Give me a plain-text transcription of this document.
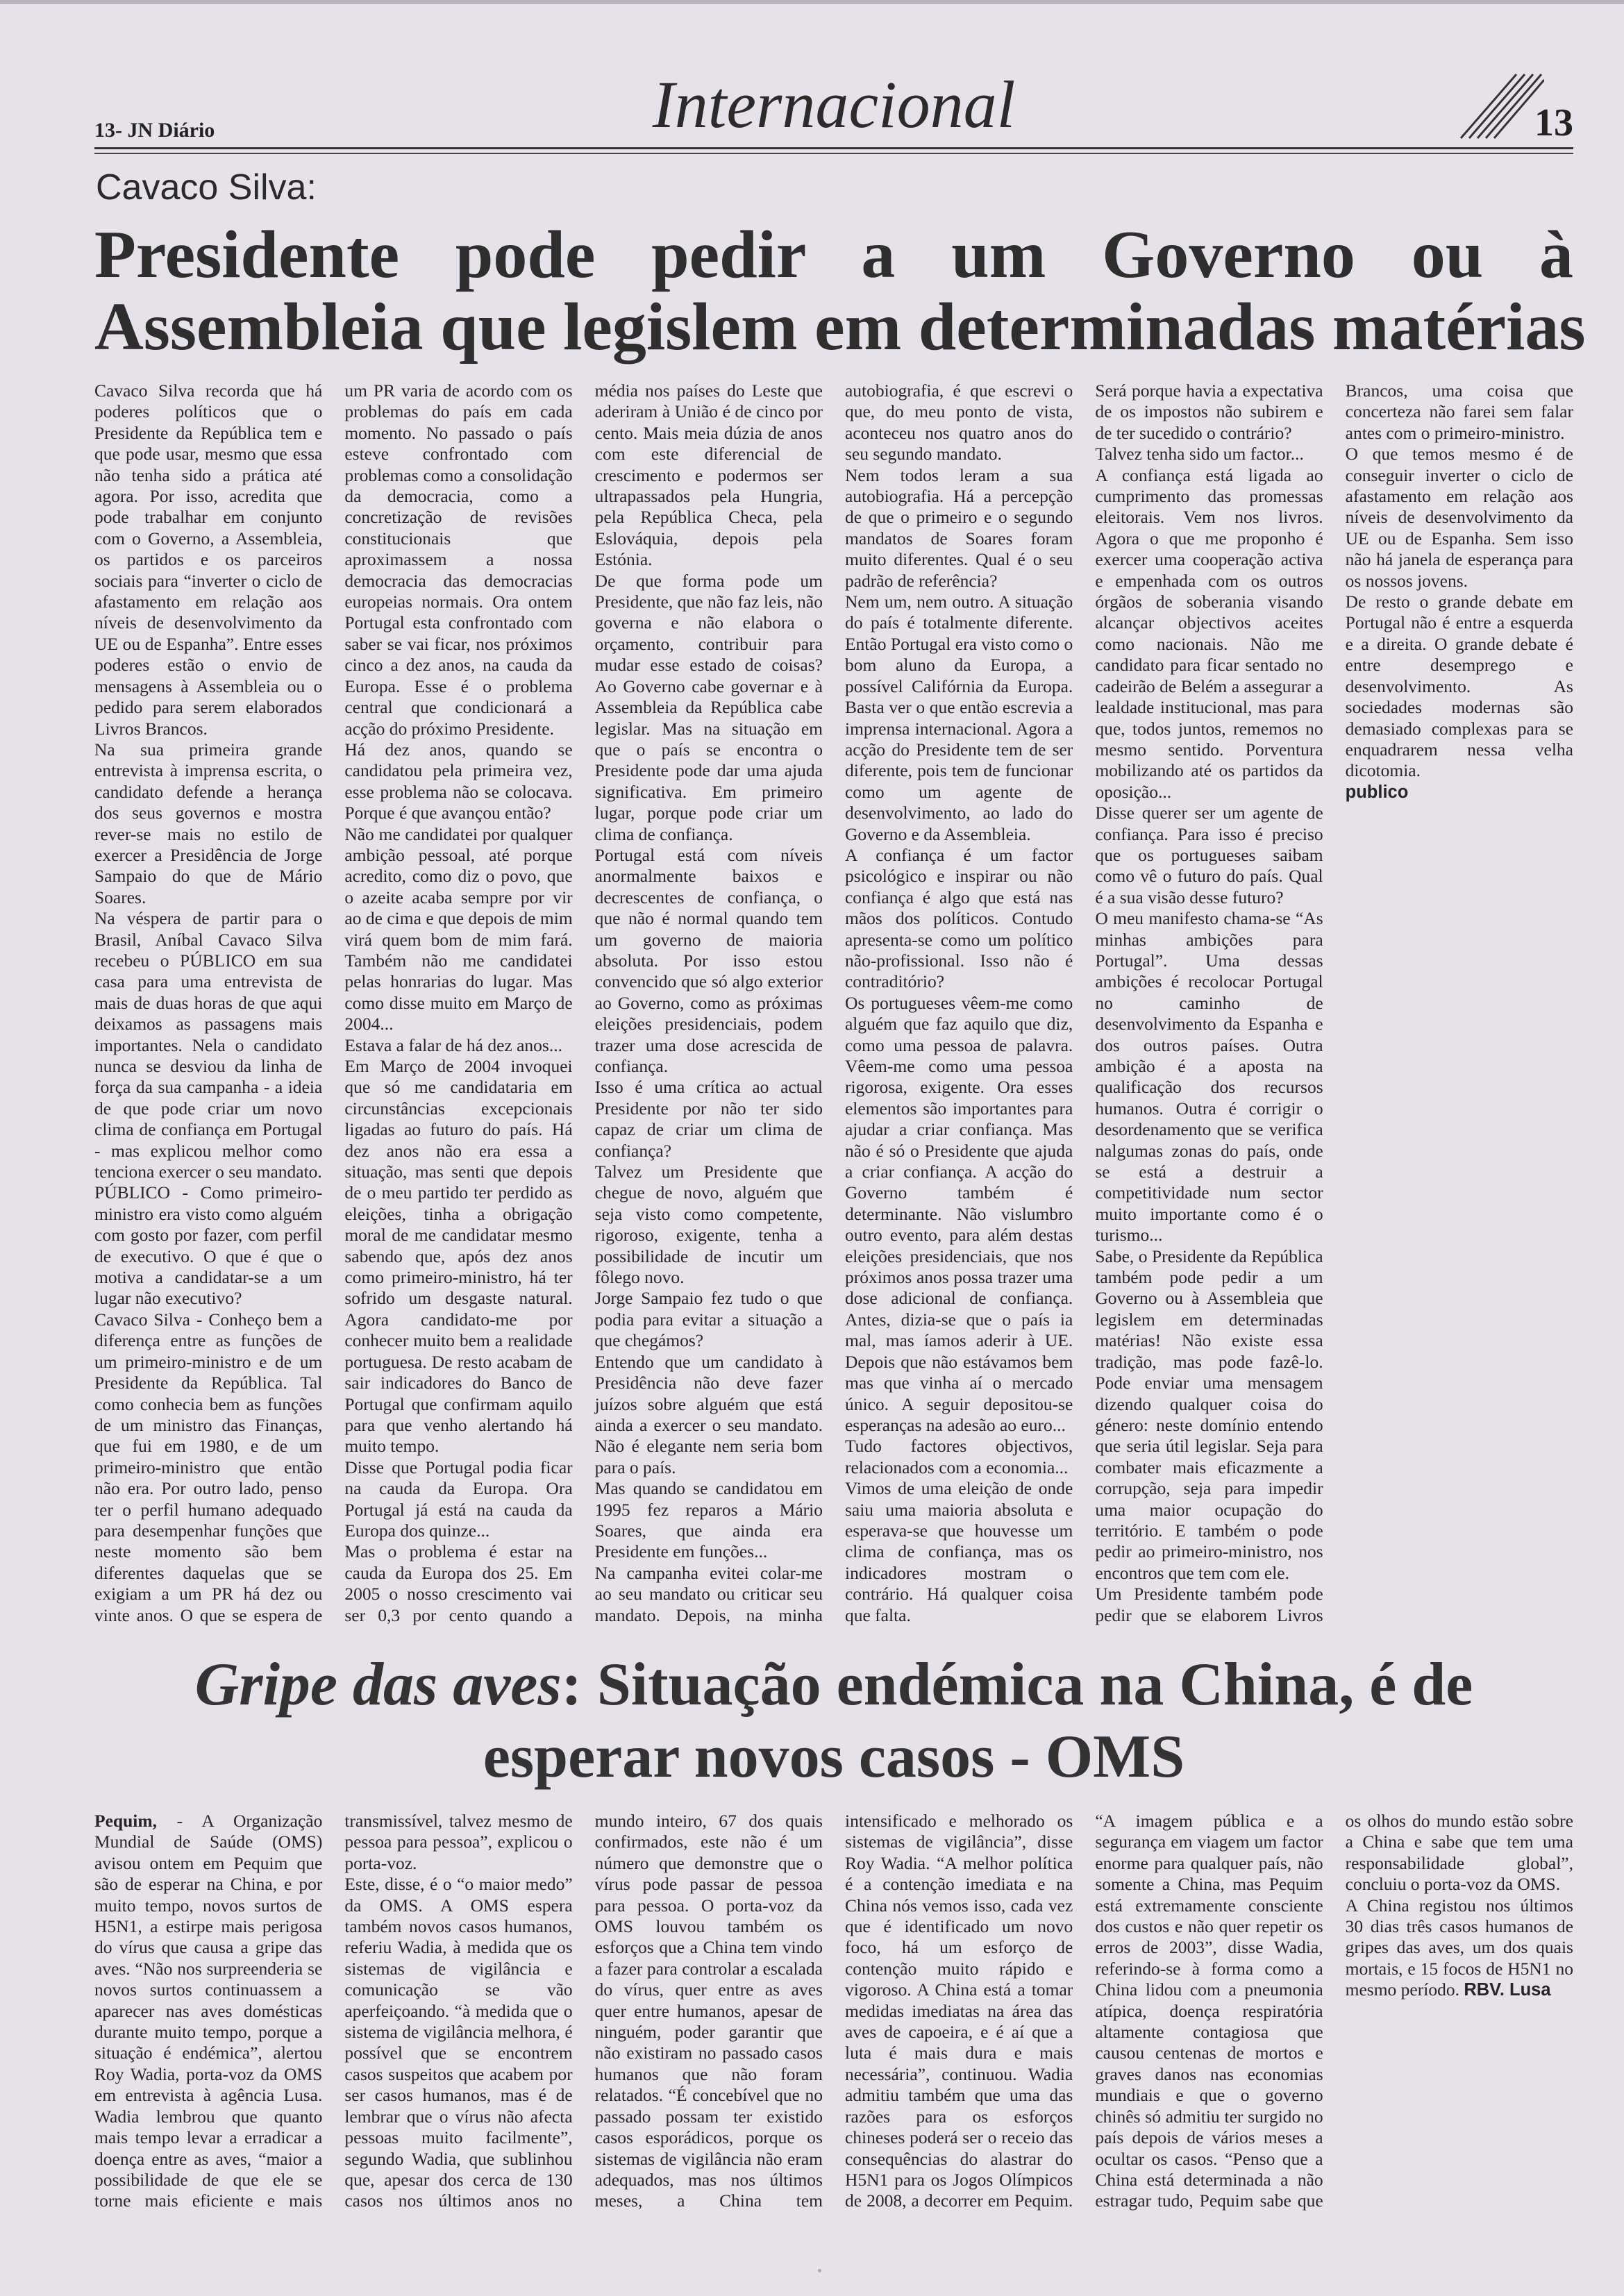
13- JN Diário	Internacional	13
Cavaco Silva:
Presidente pode pedir a um Governo ou à
Assembleia que legislem em determinadas matérias

Cavaco Silva recorda que há poderes políticos que o Presidente da República tem e que pode usar, mesmo que essa não tenha sido a prática até agora. Por isso, acredita que pode trabalhar em conjunto com o Governo, a Assembleia, os partidos e os parceiros sociais para “inverter o ciclo de afastamento em relação aos níveis de desenvolvimento da UE ou de Espanha”. Entre esses poderes estão o envio de mensagens à Assembleia ou o pedido para serem elaborados Livros Brancos.

Na sua primeira grande entrevista à imprensa escrita, o candidato defende a herança dos seus governos e mostra rever-se mais no estilo de exercer a Presidência de Jorge Sampaio do que de Mário Soares.

Na véspera de partir para o Brasil, Aníbal Cavaco Silva recebeu o PÚBLICO em sua casa para uma entrevista de mais de duas horas de que aqui deixamos as passagens mais importantes. Nela o candidato nunca se desviou da linha de força da sua campanha - a ideia de que pode criar um novo clima de confiança em Portugal - mas explicou melhor como tenciona exercer o seu mandato.

PÚBLICO - Como primeiro-ministro era visto como alguém com gosto por fazer, com perfil de executivo. O que é que o motiva a candidatar-se a um lugar não executivo?

Cavaco Silva - Conheço bem a diferença entre as funções de um primeiro-ministro e de um Presidente da República. Tal como conhecia bem as funções de um ministro das Finanças, que fui em 1980, e de um primeiro-ministro que então não era. Por outro lado, penso ter o perfil humano adequado para desempenhar funções que neste momento são bem diferentes daquelas que se exigiam a um PR há dez ou vinte anos. O que se espera de um PR varia de acordo com os problemas do país em cada momento. No passado o país esteve confrontado com problemas como a consolidação da democracia, como a concretização de revisões constitucionais que aproximassem a nossa democracia das democracias europeias normais. Ora ontem Portugal esta confrontado com saber se vai ficar, nos próximos cinco a dez anos, na cauda da Europa. Esse é o problema central que condicionará a acção do próximo Presidente.

Há dez anos, quando se candidatou pela primeira vez, esse problema não se colocava. Porque é que avançou então?

Não me candidatei por qualquer ambição pessoal, até porque acredito, como diz o povo, que o azeite acaba sempre por vir ao de cima e que depois de mim virá quem bom de mim fará. Também não me candidatei pelas honrarias do lugar. Mas como disse muito em Março de 2004...

Estava a falar de há dez anos...

Em Março de 2004 invoquei que só me candidataria em circunstâncias excepcionais ligadas ao futuro do país. Há dez anos não era essa a situação, mas senti que depois de o meu partido ter perdido as eleições, tinha a obrigação moral de me candidatar mesmo sabendo que, após dez anos como primeiro-ministro, há ter sofrido um desgaste natural. Agora candidato-me por conhecer muito bem a realidade portuguesa. De resto acabam de sair indicadores do Banco de Portugal que confirmam aquilo para que venho alertando há muito tempo.

Disse que Portugal podia ficar na cauda da Europa. Ora Portugal já está na cauda da Europa dos quinze...

Mas o problema é estar na cauda da Europa dos 25. Em 2005 o nosso crescimento vai ser 0,3 por cento quando a média nos países do Leste que aderiram à União é de cinco por cento. Mais meia dúzia de anos com este diferencial de crescimento e podermos ser ultrapassados pela Hungria, pela República Checa, pela Eslováquia, depois pela Estónia.

De que forma pode um Presidente, que não faz leis, não governa e não elabora o orçamento, contribuir para mudar esse estado de coisas? Ao Governo cabe governar e à Assembleia da República cabe legislar. Mas na situação em que o país se encontra o Presidente pode dar uma ajuda significativa. Em primeiro lugar, porque pode criar um clima de confiança.

Portugal está com níveis anormalmente baixos e decrescentes de confiança, o que não é normal quando tem um governo de maioria absoluta. Por isso estou convencido que só algo exterior ao Governo, como as próximas eleições presidenciais, podem trazer uma dose acrescida de confiança.

Isso é uma crítica ao actual Presidente por não ter sido capaz de criar um clima de confiança?

Talvez um Presidente que chegue de novo, alguém que seja visto como competente, rigoroso, exigente, tenha a possibilidade de incutir um fôlego novo.

Jorge Sampaio fez tudo o que podia para evitar a situação a que chegámos?

Entendo que um candidato à Presidência não deve fazer juízos sobre alguém que está ainda a exercer o seu mandato. Não é elegante nem seria bom para o país.

Mas quando se candidatou em 1995 fez reparos a Mário Soares, que ainda era Presidente em funções...

Na campanha evitei colar-me ao seu mandato ou criticar seu mandato. Depois, na minha autobiografia, é que escrevi o que, do meu ponto de vista, aconteceu nos quatro anos do seu segundo mandato.

Nem todos leram a sua autobiografia. Há a percepção de que o primeiro e o segundo mandatos de Soares foram muito diferentes. Qual é o seu padrão de referência?

Nem um, nem outro. A situação do país é totalmente diferente. Então Portugal era visto como o bom aluno da Europa, a possível Califórnia da Europa. Basta ver o que então escrevia a imprensa internacional. Agora a acção do Presidente tem de ser diferente, pois tem de funcionar como um agente de desenvolvimento, ao lado do Governo e da Assembleia.

A confiança é um factor psicológico e inspirar ou não confiança é algo que está nas mãos dos políticos. Contudo apresenta-se como um político não-profissional. Isso não é contraditório?

Os portugueses vêem-me como alguém que faz aquilo que diz, como uma pessoa de palavra. Vêem-me como uma pessoa rigorosa, exigente. Ora esses elementos são importantes para ajudar a criar confiança. Mas não é só o Presidente que ajuda a criar confiança. A acção do Governo também é determinante. Não vislumbro outro evento, para além destas eleições presidenciais, que nos próximos anos possa trazer uma dose adicional de confiança. Antes, dizia-se que o país ia mal, mas íamos aderir à UE. Depois que não estávamos bem mas que vinha aí o mercado único. A seguir depositou-se esperanças na adesão ao euro...

Tudo factores objectivos, relacionados com a economia...

Vimos de uma eleição de onde saiu uma maioria absoluta e esperava-se que houvesse um clima de confiança, mas os indicadores mostram o contrário. Há qualquer coisa que falta.

Será porque havia a expectativa de os impostos não subirem e de ter sucedido o contrário?

Talvez tenha sido um factor...

A confiança está ligada ao cumprimento das promessas eleitorais. Vem nos livros. Agora o que me proponho é exercer uma cooperação activa e empenhada com os outros órgãos de soberania visando alcançar objectivos aceites como nacionais. Não me candidato para ficar sentado no cadeirão de Belém a assegurar a lealdade institucional, mas para que, todos juntos, rememos no mesmo sentido. Porventura mobilizando até os partidos da oposição...

Disse querer ser um agente de confiança. Para isso é preciso que os portugueses saibam como vê o futuro do país. Qual é a sua visão desse futuro?

O meu manifesto chama-se “As minhas ambições para Portugal”. Uma dessas ambições é recolocar Portugal no caminho de desenvolvimento da Espanha e dos outros países. Outra ambição é a aposta na qualificação dos recursos humanos. Outra é corrigir o desordenamento que se verifica nalgumas zonas do país, onde se está a destruir a competitividade num sector muito importante como é o turismo...

Sabe, o Presidente da República também pode pedir a um Governo ou à Assembleia que legislem em determinadas matérias! Não existe essa tradição, mas pode fazê-lo. Pode enviar uma mensagem dizendo qualquer coisa do género: neste domínio entendo que seria útil legislar. Seja para combater mais eficazmente a corrupção, seja para impedir uma maior ocupação do território. E também o pode pedir ao primeiro-ministro, nos encontros que tem com ele.

Um Presidente também pode pedir que se elaborem Livros Brancos, uma coisa que concerteza não farei sem falar antes com o primeiro-ministro.

O que temos mesmo é de conseguir inverter o ciclo de afastamento em relação aos níveis de desenvolvimento da UE ou de Espanha. Sem isso não há janela de esperança para os nossos jovens.

De resto o grande debate em Portugal não é entre a esquerda e a direita. O grande debate é entre desemprego e desenvolvimento. As sociedades modernas são demasiado complexas para se enquadrarem nessa velha dicotomia.

publico

Gripe das aves: Situação endémica na China, é de esperar novos casos - OMS

Pequim, - A Organização Mundial de Saúde (OMS) avisou ontem em Pequim que são de esperar na China, e por muito tempo, novos surtos de H5N1, a estirpe mais perigosa do vírus que causa a gripe das aves. “Não nos surpreenderia se novos surtos continuassem a aparecer nas aves domésticas durante muito tempo, porque a situação é endémica”, alertou Roy Wadia, porta-voz da OMS em entrevista à agência Lusa. Wadia lembrou que quanto mais tempo levar a erradicar a doença entre as aves, “maior a possibilidade de que ele se torne mais eficiente e mais transmissível, talvez mesmo de pessoa para pessoa”, explicou o porta-voz.

Este, disse, é o “o maior medo” da OMS. A OMS espera também novos casos humanos, referiu Wadia, à medida que os sistemas de vigilância e comunicação se vão aperfeiçoando. “à medida que o sistema de vigilância melhora, é possível que se encontrem casos suspeitos que acabem por ser casos humanos, mas é de lembrar que o vírus não afecta pessoas muito facilmente”, segundo Wadia, que sublinhou que, apesar dos cerca de 130 casos nos últimos anos no mundo inteiro, 67 dos quais confirmados, este não é um número que demonstre que o vírus pode passar de pessoa para pessoa. O porta-voz da OMS louvou também os esforços que a China tem vindo a fazer para controlar a escalada do vírus, quer entre as aves quer entre humanos, apesar de ninguém, poder garantir que não existiram no passado casos humanos que não foram relatados. “É concebível que no passado possam ter existido casos esporádicos, porque os sistemas de vigilância não eram adequados, mas nos últimos meses, a China tem intensificado e melhorado os sistemas de vigilância”, disse Roy Wadia. “A melhor política é a contenção imediata e na China nós vemos isso, cada vez que é identificado um novo foco, há um esforço de contenção muito rápido e vigoroso. A China está a tomar medidas imediatas na área das aves de capoeira, e é aí que a luta é mais dura e mais necessária”, continuou. Wadia admitiu também que uma das razões para os esforços chineses poderá ser o receio das consequências do alastrar do H5N1 para os Jogos Olímpicos de 2008, a decorrer em Pequim. “A imagem pública e a segurança em viagem um factor enorme para qualquer país, não somente a China, mas Pequim está extremamente consciente dos custos e não quer repetir os erros de 2003”, disse Wadia, referindo-se à forma como a China lidou com a pneumonia atípica, doença respiratória altamente contagiosa que causou centenas de mortos e graves danos nas economias mundiais e que o governo chinês só admitiu ter surgido no país depois de vários meses a ocultar os casos. “Penso que a China está determinada a não estragar tudo, Pequim sabe que os olhos do mundo estão sobre a China e sabe que tem uma responsabilidade global”, concluiu o porta-voz da OMS.

A China registou nos últimos 30 dias três casos humanos de gripes das aves, um dos quais mortais, e 15 focos de H5N1 no mesmo período. RBV. Lusa
